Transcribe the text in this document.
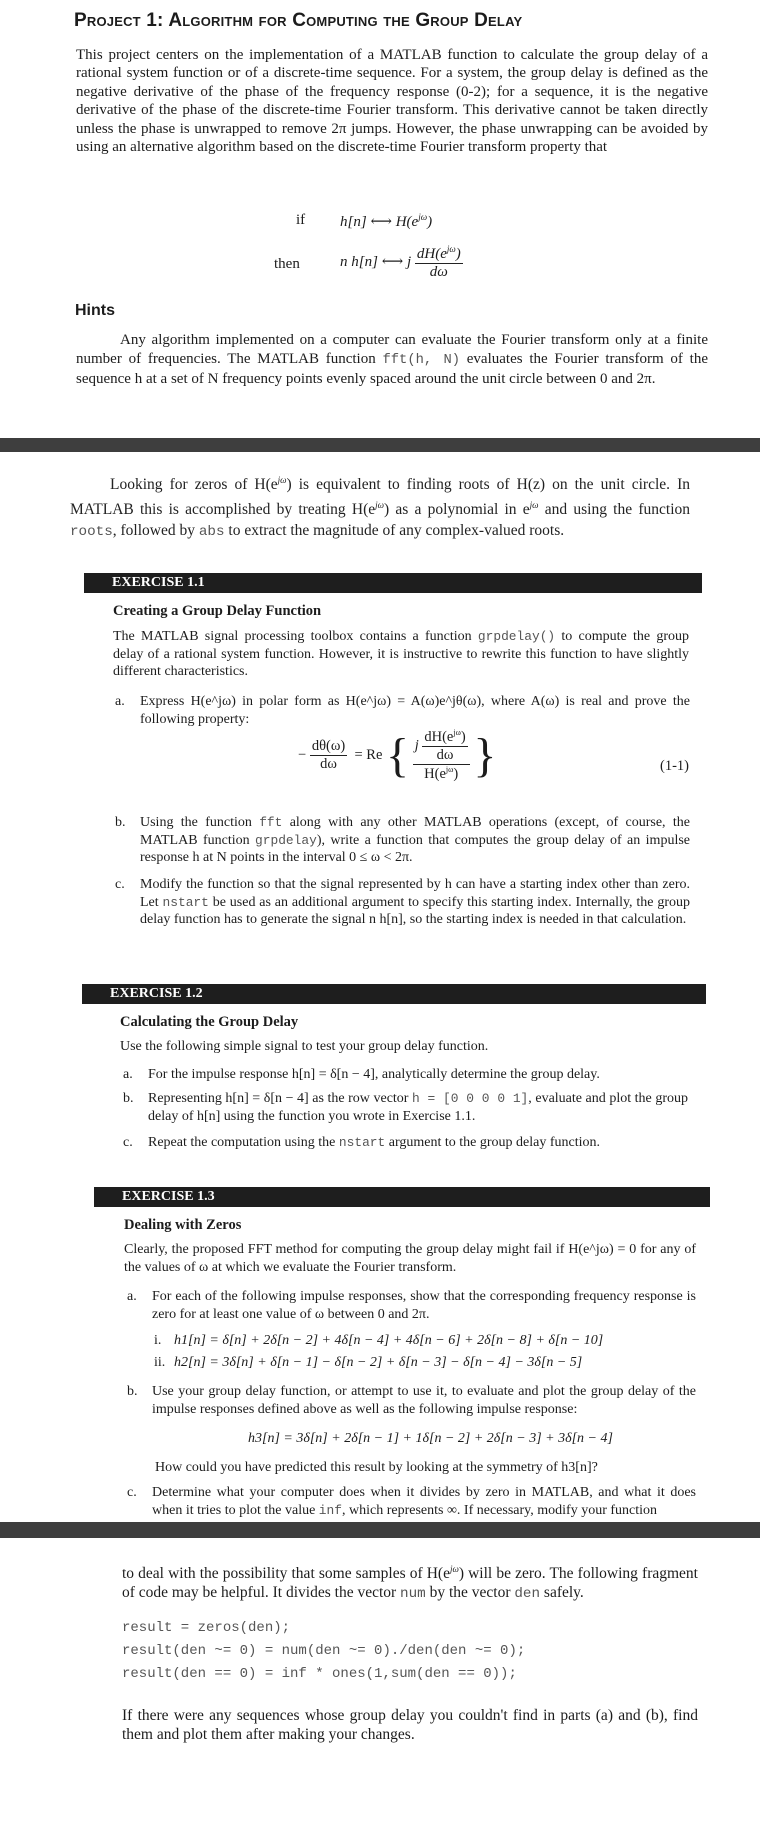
Project 1: Algorithm for Computing the Group Delay

This project centers on the implementation of a MATLAB function to calculate the group delay of a rational system function or of a discrete-time sequence. For a system, the group delay is defined as the negative derivative of the phase of the frequency response (0-2); for a sequence, it is the negative derivative of the phase of the discrete-time Fourier transform. This derivative cannot be taken directly unless the phase is unwrapped to remove 2π jumps. However, the phase unwrapping can be avoided by using an alternative algorithm based on the discrete-time Fourier transform property that

if h[n] ⟷ $H(e^{j\omega})$
then	n h[n] ⟷ j $\frac{dH(e^{j\omega})}{d\omega}$
Hints

Any algorithm implemented on a computer can evaluate the Fourier transform only at a finite number of frequencies. The MATLAB function fft(h, N) evaluates the Fourier transform of the sequence h at a set of N frequency points evenly spaced around the unit circle between 0 and 2π.

Looking for zeros of $H(e^{j\omega})$ is equivalent to finding roots of H(z) on the unit circle. In MATLAB this is accomplished by treating $H(e^{j\omega})$ as a polynomial in $e^{j\omega}$ and using the function roots, followed by abs to extract the magnitude of any complex-valued roots.

EXERCISE 1.1
Creating a Group Delay Function

The MATLAB signal processing toolbox contains a function grpdelay() to compute the group delay of a rational system function. However, it is instructive to rewrite this function to have slightly different characteristics.

a. Express H(e^jω) in polar form as H(e^jω) = A(ω)e^jθ(ω), where A(ω) is real and prove the following property:

− $\frac{d\theta(\omega)}{d\omega} = Re$ { $\frac{j \frac{dH(e^{j\omega})}{d\omega}}{H(e^{j\omega})}$ }	(1-1)

b. Using the function fft along with any other MATLAB operations (except, of course, the MATLAB function grpdelay), write a function that computes the group delay of an impulse response h at N points in the interval 0 ≤ ω < 2π.

c. Modify the function so that the signal represented by h can have a starting index other than zero. Let nstart be used as an additional argument to specify this starting index. Internally, the group delay function has to generate the signal n h[n], so the starting index is needed in that calculation.

EXERCISE 1.2
Calculating the Group Delay

Use the following simple signal to test your group delay function.

a. For the impulse response h[n] = δ[n − 4], analytically determine the group delay.

b. Representing h[n] = δ[n − 4] as the row vector h = [0 0 0 0 1], evaluate and plot the group delay of h[n] using the function you wrote in Exercise 1.1.

c. Repeat the computation using the nstart argument to the group delay function.

EXERCISE 1.3
Dealing with Zeros

Clearly, the proposed FFT method for computing the group delay might fail if H(e^jω) = 0 for any of the values of ω at which we evaluate the Fourier transform.

a. For each of the following impulse responses, show that the corresponding frequency response is zero for at least one value of ω between 0 and 2π.

i. h1[n] = δ[n] + 2δ[n − 2] + 4δ[n − 4] + 4δ[n − 6] + 2δ[n − 8] + δ[n − 10]

ii. h2[n] = 3δ[n] + δ[n − 1] − δ[n − 2] + δ[n − 3] − δ[n − 4] − 3δ[n − 5]

b. Use your group delay function, or attempt to use it, to evaluate and plot the group delay of the impulse responses defined above as well as the following impulse response:

h3[n] = 3δ[n] + 2δ[n − 1] + 1δ[n − 2] + 2δ[n − 3] + 3δ[n − 4]

How could you have predicted this result by looking at the symmetry of h3[n]?

c. Determine what your computer does when it divides by zero in MATLAB, and what it does when it tries to plot the value inf, which represents ∞. If necessary, modify your function

to deal with the possibility that some samples of $H(e^{j\omega})$ will be zero. The following fragment of code may be helpful. It divides the vector num by the vector den safely.

result = zeros(den);
result(den ~= 0) = num(den ~= 0)./den(den ~= 0);
result(den == 0) = inf * ones(1,sum(den == 0));

If there were any sequences whose group delay you couldn't find in parts (a) and (b), find them and plot them after making your changes.
